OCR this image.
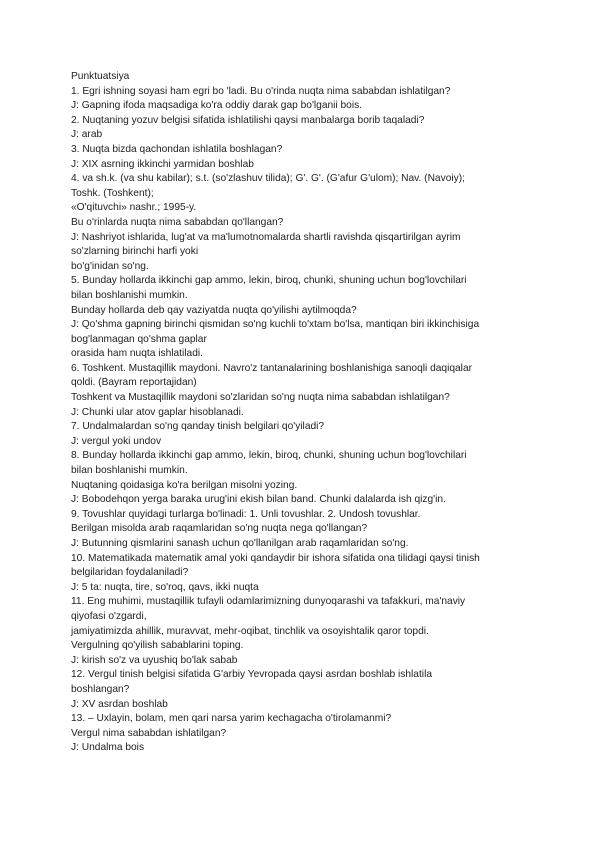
Punktuatsiya
1. Egri ishning soyasi ham egri bo 'ladi. Bu o'rinda nuqta nima sababdan ishlatilgan?
J: Gapning ifoda maqsadiga ko'ra oddiy darak gap bo'lganii bois.
2. Nuqtaning yozuv belgisi sifatida ishlatilishi qaysi manbalarga borib taqaladi?
J: arab
3. Nuqta bizda qachondan ishlatila boshlagan?
J: XIX asrning ikkinchi yarmidan boshlab
4. va sh.k. (va shu kabilar); s.t. (so'zlashuv tilida); G'. G'. (G'afur G'ulom); Nav. (Navoiy);
Toshk. (Toshkent);
«O'qituvchi» nashr.; 1995-y.
Bu o'rinlarda nuqta nima sababdan qo'llangan?
J: Nashriyot ishlarida, lug'at va ma'lumotnomalarda shartli ravishda qisqartirilgan ayrim
so'zlarning birinchi harfi yoki
bo'g'inidan so'ng.
5. Bunday hollarda ikkinchi gap ammo, lekin, biroq, chunki, shuning uchun bog'lovchilari
bilan boshlanishi mumkin.
Bunday hollarda deb qay vaziyatda nuqta qo'yilishi aytilmoqda?
J: Qo'shma gapning birinchi qismidan so'ng kuchli to'xtam bo'lsa, mantiqan biri ikkinchisiga
bog'lanmagan qo'shma gaplar
orasida ham nuqta ishlatiladi.
6. Toshkent. Mustaqillik maydoni. Navro'z tantanalarining boshlanishiga sanoqli daqiqalar
qoldi. (Bayram reportajidan)
Toshkent va Mustaqillik maydoni so'zlaridan so'ng nuqta nima sababdan ishlatilgan?
J: Chunki ular atov gaplar hisoblanadi.
7. Undalmalardan so'ng qanday tinish belgilari qo'yiladi?
J: vergul yoki undov
8. Bunday hollarda ikkinchi gap ammo, lekin, biroq, chunki, shuning uchun bog'lovchilari
bilan boshlanishi mumkin.
Nuqtaning qoidasiga ko'ra berilgan misolni yozing.
J: Bobodehqon yerga baraka urug'ini ekish bilan band. Chunki dalalarda ish qizg'in.
9. Tovushlar quyidagi turlarga bo'linadi: 1. Unli tovushlar. 2. Undosh tovushlar.
Berilgan misolda arab raqamlaridan so'ng nuqta nega qo'llangan?
J: Butunning qismlarini sanash uchun qo'llanilgan arab raqamlaridan so'ng.
10. Matematikada matematik amal yoki qandaydir bir ishora sifatida ona tilidagi qaysi tinish
belgilaridan foydalaniladi?
J: 5 ta: nuqta, tire, so'roq, qavs, ikki nuqta
11. Eng muhimi, mustaqillik tufayli odamlarimizning dunyoqarashi va tafakkuri, ma'naviy
qiyofasi o'zgardi,
jamiyatimizda ahillik, muravvat, mehr-oqibat, tinchlik va osoyishtalik qaror topdi.
Vergulning qo'yilish sabablarini toping.
J: kirish so'z va uyushiq bo'lak sabab
12. Vergul tinish belgisi sifatida G'arbiy Yevropada qaysi asrdan boshlab ishlatila
boshlangan?
J: XV asrdan boshlab
13. – Uxlayin, bolam, men qari narsa yarim kechagacha o'tirolamanmi?
Vergul nima sababdan ishlatilgan?
J: Undalma bois
